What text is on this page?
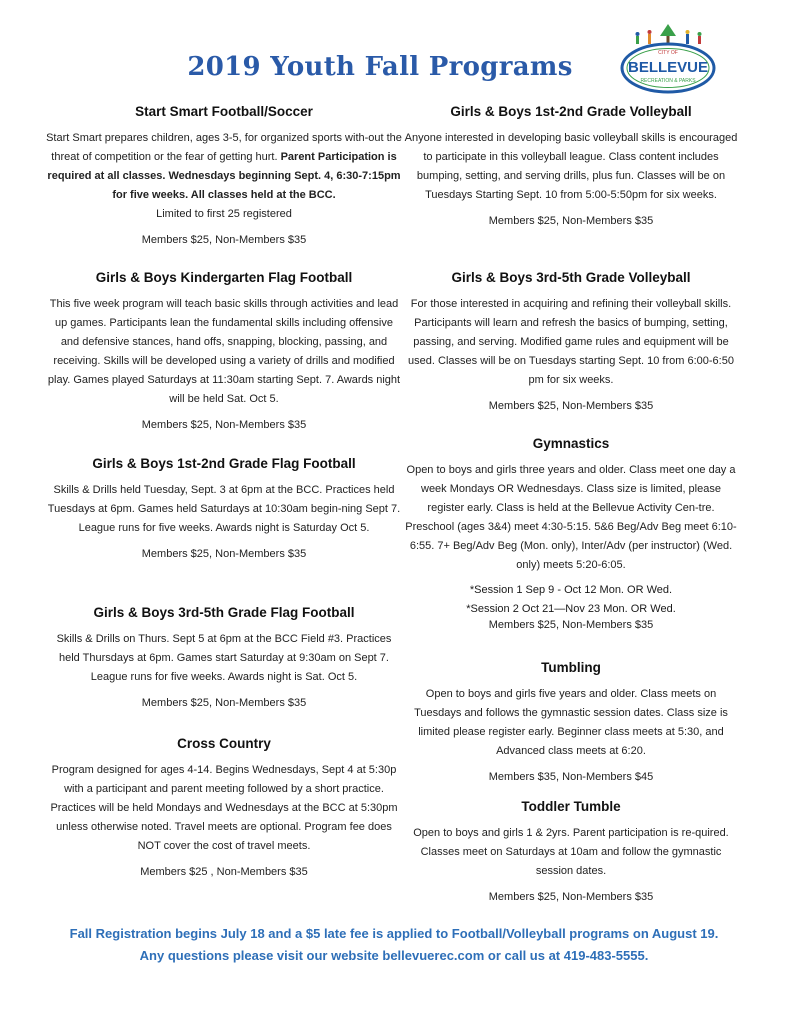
2019 Youth Fall Programs	CITY OF
BELLEVUE
RECREATION & PARKS
Start Smart Football/Soccer

Start Smart prepares children, ages 3-5, for organized sports with-out the threat of competition or the fear of getting hurt. Parent Participation is required at all classes. Wednesdays beginning Sept. 4, 6:30-7:15pm for five weeks. All classes held at the BCC.
Limited to first 25 registered

Members $25, Non-Members $35
Girls & Boys Kindergarten Flag Football

This five week program will teach basic skills through activities and lead up games. Participants lean the fundamental skills including offensive and defensive stances, hand offs, snapping, blocking, passing, and receiving. Skills will be developed using a variety of drills and modified play. Games played Saturdays at 11:30am starting Sept. 7. Awards night will be held Sat. Oct 5.

Members $25, Non-Members $35
Girls & Boys 1st-2nd Grade Flag Football

Skills & Drills held Tuesday, Sept. 3 at 6pm at the BCC. Practices held Tuesdays at 6pm. Games held Saturdays at 10:30am begin-ning Sept 7. League runs for five weeks. Awards night is Saturday Oct 5.

Members $25, Non-Members $35
Girls & Boys 3rd-5th Grade Flag Football

Skills & Drills on Thurs. Sept 5 at 6pm at the BCC Field #3. Practices held Thursdays at 6pm. Games start Saturday at 9:30am on Sept 7. League runs for five weeks. Awards night is Sat. Oct 5.

Members $25, Non-Members $35
Cross Country

Program designed for ages 4-14. Begins Wednesdays, Sept 4 at 5:30p with a participant and parent meeting followed by a short practice. Practices will be held Mondays and Wednesdays at the BCC at 5:30pm unless otherwise noted. Travel meets are optional. Program fee does NOT cover the cost of travel meets.

Members $25 , Non-Members $35
Girls & Boys 1st-2nd Grade Volleyball

Anyone interested in developing basic volleyball skills is encouraged to participate in this volleyball league. Class content includes bumping, setting, and serving drills, plus fun. Classes will be on Tuesdays Starting Sept. 10 from 5:00-5:50pm for six weeks.

Members $25, Non-Members $35
Girls & Boys 3rd-5th Grade Volleyball

For those interested in acquiring and refining their volleyball skills. Participants will learn and refresh the basics of bumping, setting, passing, and serving. Modified game rules and equipment will be used. Classes will be on Tuesdays starting Sept. 10 from 6:00-6:50 pm for six weeks.

Members $25, Non-Members $35
Gymnastics

Open to boys and girls three years and older. Class meet one day a week Mondays OR Wednesdays. Class size is limited, please register early. Class is held at the Bellevue Activity Cen-tre. Preschool (ages 3&4) meet 4:30-5:15. 5&6 Beg/Adv Beg meet 6:10-6:55. 7+ Beg/Adv Beg (Mon. only), Inter/Adv (per instructor) (Wed. only) meets 5:20-6:05.

*Session 1 Sep 9 - Oct 12 Mon. OR Wed.
*Session 2 Oct 21—Nov 23 Mon. OR Wed.
Members $25, Non-Members $35
Tumbling

Open to boys and girls five years and older. Class meets on Tuesdays and follows the gymnastic session dates. Class size is limited please register early. Beginner class meets at 5:30, and Advanced class meets at 6:20.

Members $35, Non-Members $45
Toddler Tumble

Open to boys and girls 1 & 2yrs. Parent participation is re-quired. Classes meet on Saturdays at 10am and follow the gymnastic session dates.

Members $25, Non-Members $35
Fall Registration begins July 18 and a $5 late fee is applied to Football/Volleyball programs on August 19.
Any questions please visit our website bellevuerec.com or call us at 419-483-5555.
